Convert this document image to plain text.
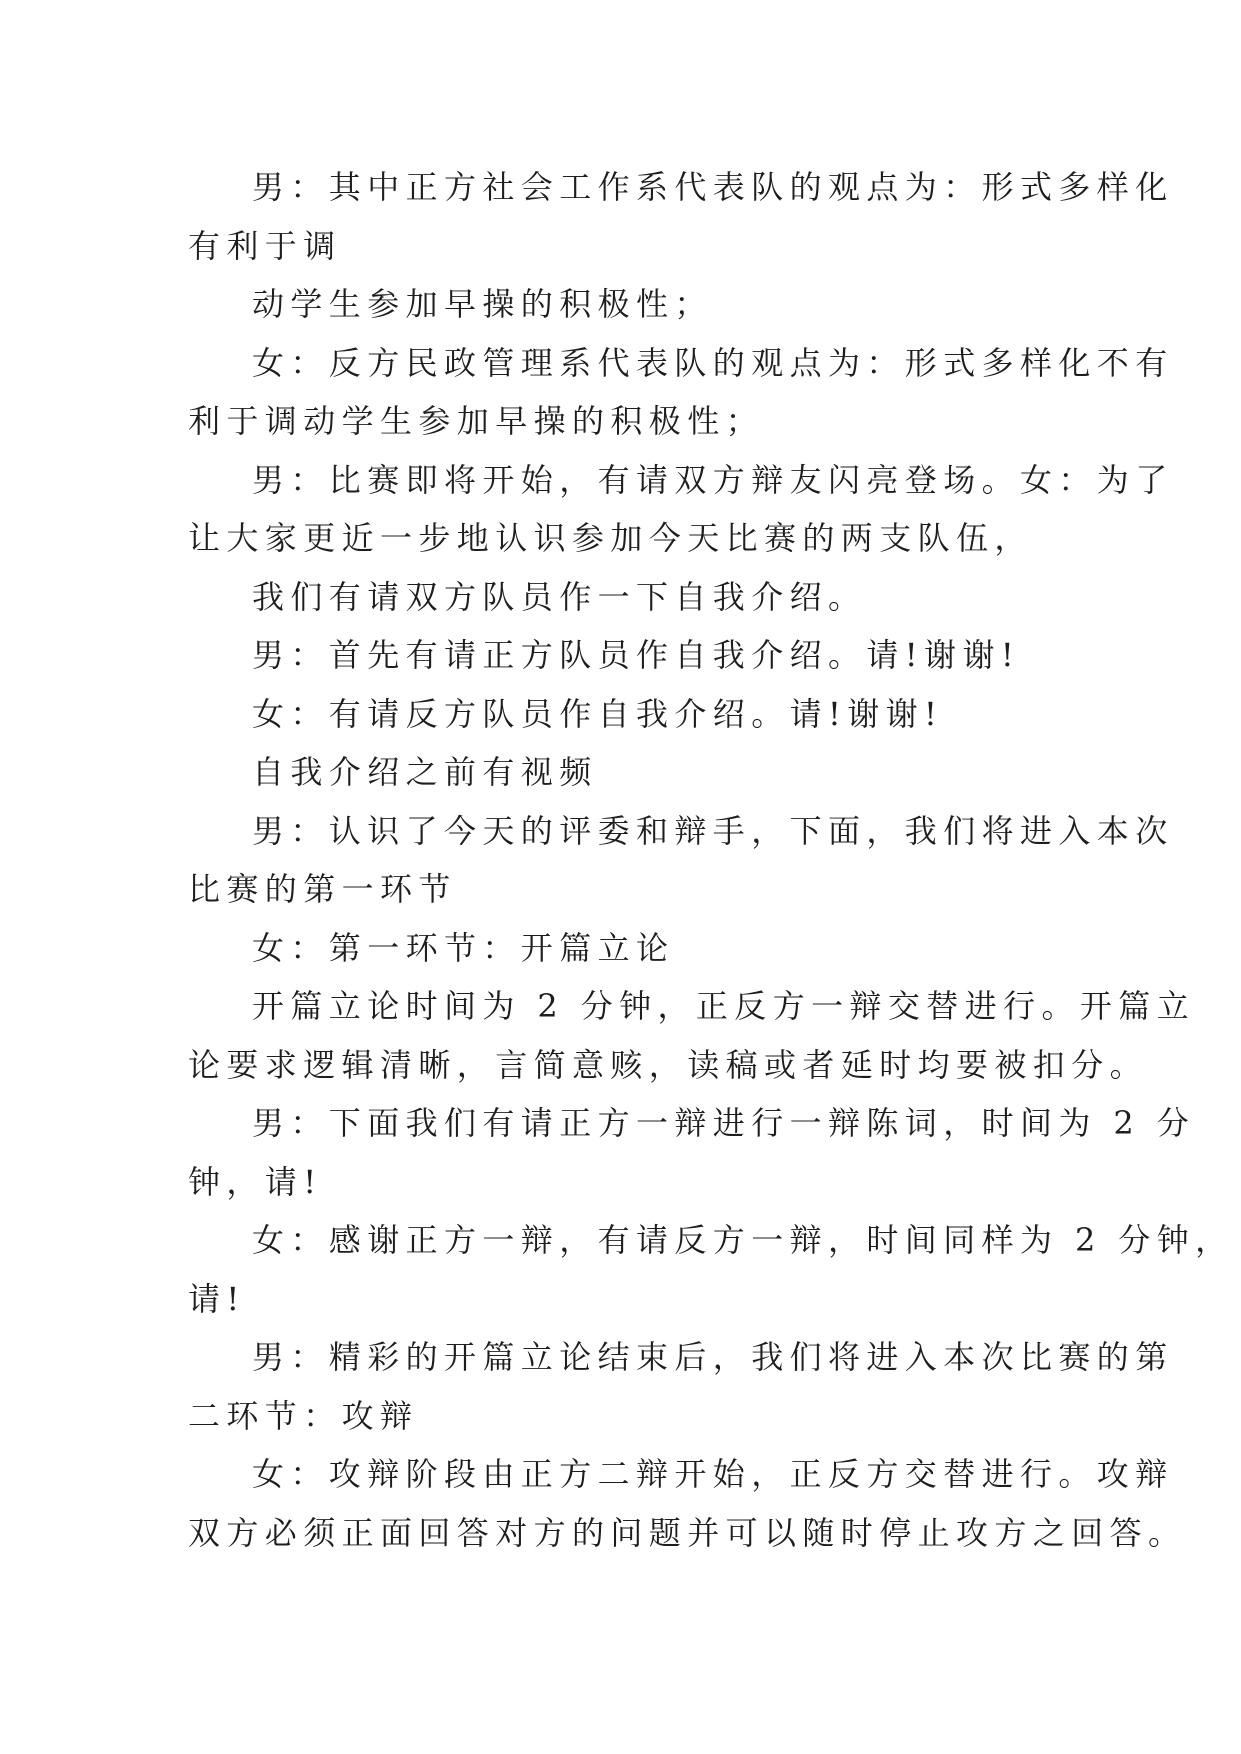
男：其中正方社会工作系代表队的观点为：形式多样化
有利于调

动学生参加早操的积极性；

女：反方民政管理系代表队的观点为：形式多样化不有
利于调动学生参加早操的积极性；

男：比赛即将开始，有请双方辩友闪亮登场。女：为了
让大家更近一步地认识参加今天比赛的两支队伍，

我们有请双方队员作一下自我介绍。

男：首先有请正方队员作自我介绍。请!谢谢!

女：有请反方队员作自我介绍。请!谢谢!

自我介绍之前有视频

男：认识了今天的评委和辩手，下面，我们将进入本次
比赛的第一环节

女：第一环节：开篇立论

开篇立论时间为 2 分钟，正反方一辩交替进行。开篇立
论要求逻辑清晰，言简意赅，读稿或者延时均要被扣分。

男：下面我们有请正方一辩进行一辩陈词，时间为 2 分
钟，请!

女：感谢正方一辩，有请反方一辩，时间同样为 2 分钟，
请!

男：精彩的开篇立论结束后，我们将进入本次比赛的第
二环节：攻辩

女：攻辩阶段由正方二辩开始，正反方交替进行。攻辩
双方必须正面回答对方的问题并可以随时停止攻方之回答。
